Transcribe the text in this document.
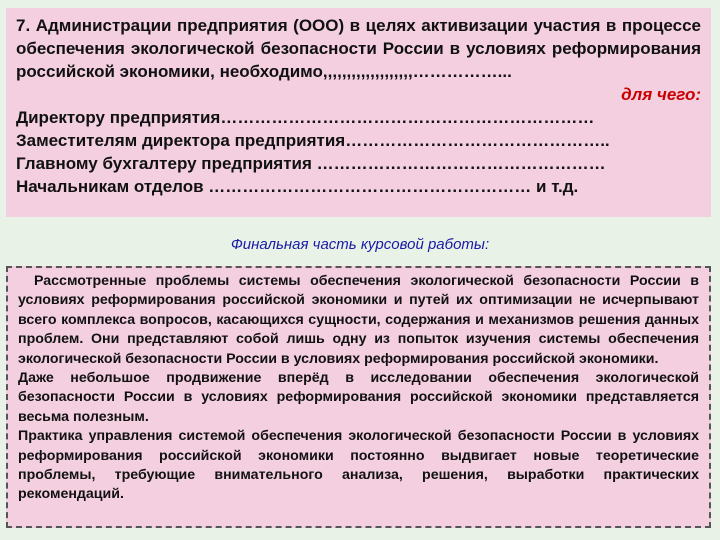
7. Администрации предприятия (ООО) в целях активизации участия в процессе обеспечения экологической безопасности России в условиях реформирования российской экономики, необходимо,,,,,,,,,,,,,,,,,,,……………...

для чего:

Директору предприятия…………………………………………………………
Заместителям директора предприятия………………………………………..
Главному бухгалтеру предприятия ……………………………………………
Начальникам отделов ………………………………………………… и т.д.
Финальная часть курсовой работы:

Рассмотренные проблемы системы обеспечения экологической безопасности России в условиях реформирования российской экономики и путей их оптимизации не исчерпывают всего комплекса вопросов, касающихся сущности, содержания и механизмов решения данных проблем. Они представляют собой лишь одну из попыток изучения системы обеспечения экологической безопасности России в условиях реформирования российской экономики.

Даже небольшое продвижение вперёд в исследовании обеспечения экологической безопасности России в условиях реформирования российской экономики представляется весьма полезным.

Практика управления системой обеспечения экологической безопасности России в условиях реформирования российской экономики постоянно выдвигает новые теоретические проблемы, требующие внимательного анализа, решения, выработки практических рекомендаций.
